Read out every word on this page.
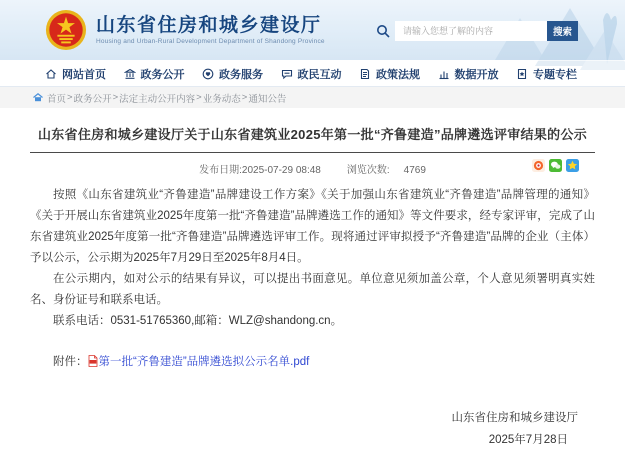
山东省住房和城乡建设厅
Housing and Urban-Rural Development Department of Shandong Province
请输入您想了解的内容
搜索
网站首页	政务公开	政务服务	政民互动	政策法规	数据开放	专题专栏
首页 > 政务公开 > 法定主动公开内容 > 业务动态 > 通知公告
山东省住房和城乡建设厅关于山东省建筑业2025年第一批“齐鲁建造”品牌遴选评审结果的公示
发布日期:2025-07-29 08:48	浏览次数: 4769

按照《山东省建筑业“齐鲁建造”品牌建设工作方案》《关于加强山东省建筑业“齐鲁建造”品牌管理的通知》《关于开展山东省建筑业2025年度第一批“齐鲁建造”品牌遴选工作的通知》等文件要求，经专家评审，完成了山东省建筑业2025年度第一批“齐鲁建造”品牌遴选评审工作。现将通过评审拟授予“齐鲁建造”品牌的企业（主体）予以公示，公示期为2025年7月29日至2025年8月4日。

在公示期内，如对公示的结果有异议，可以提出书面意见。单位意见须加盖公章，个人意见须署明真实姓名、身份证号和联系电话。

联系电话：0531-51765360,邮箱：WLZ@shandong.cn。

附件： 第一批“齐鲁建造”品牌遴选拟公示名单.pdf
山东省住房和城乡建设厅
2025年7月28日
